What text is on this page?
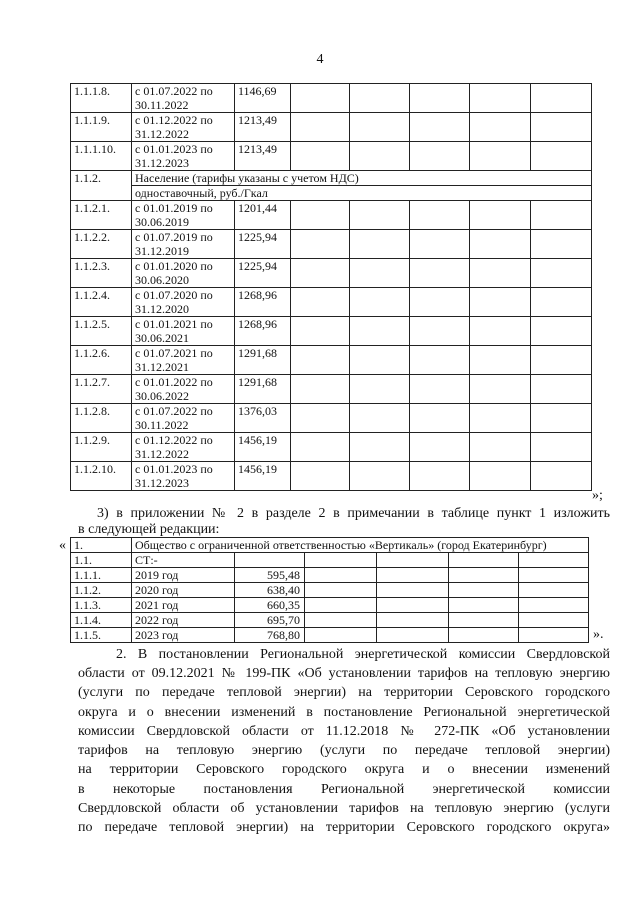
4
1.1.1.8.	с 01.07.2022 по
30.11.2022	1146,69					
1.1.1.9.	с 01.12.2022 по
31.12.2022	1213,49					
1.1.1.10.	с 01.01.2023 по
31.12.2023	1213,49					
1.1.2.	Население (тарифы указаны с учетом НДС)						
	одноставочный, руб./Гкал						
1.1.2.1.	с 01.01.2019 по
30.06.2019	1201,44					
1.1.2.2.	с 01.07.2019 по
31.12.2019	1225,94					
1.1.2.3.	с 01.01.2020 по
30.06.2020	1225,94					
1.1.2.4.	с 01.07.2020 по
31.12.2020	1268,96					
1.1.2.5.	с 01.01.2021 по
30.06.2021	1268,96					
1.1.2.6.	с 01.07.2021 по
31.12.2021	1291,68					
1.1.2.7.	с 01.01.2022 по
30.06.2022	1291,68					
1.1.2.8.	с 01.07.2022 по
30.11.2022	1376,03					
1.1.2.9.	с 01.12.2022 по
31.12.2022	1456,19					
1.1.2.10.	с 01.01.2023 по
31.12.2023	1456,19					
»;
3) в приложении № 2 в разделе 2 в примечании в таблице пункт 1 изложить
в следующей редакции:
« 1.	Общество с ограниченной ответственностью «Вертикаль» (город Екатеринбург)					
1.1.	СТ:-					
1.1.1.	2019 год	595,48				
1.1.2.	2020 год	638,40				
1.1.3.	2021 год	660,35				
1.1.4.	2022 год	695,70				
1.1.5.	2023 год	768,80					».
2. В постановлении Региональной энергетической комиссии Свердловской
области от 09.12.2021 № 199-ПК «Об установлении тарифов на тепловую энергию
(услуги по передаче тепловой энергии) на территории Серовского городского
округа и о внесении изменений в постановление Региональной энергетической
комиссии Свердловской области от 11.12.2018 № 272-ПК «Об установлении
тарифов на тепловую энергию (услуги по передаче тепловой энергии)
на территории Серовского городского округа и о внесении изменений
в некоторые постановления Региональной энергетической комиссии
Свердловской области об установлении тарифов на тепловую энергию (услуги
по передаче тепловой энергии) на территории Серовского городского округа»
